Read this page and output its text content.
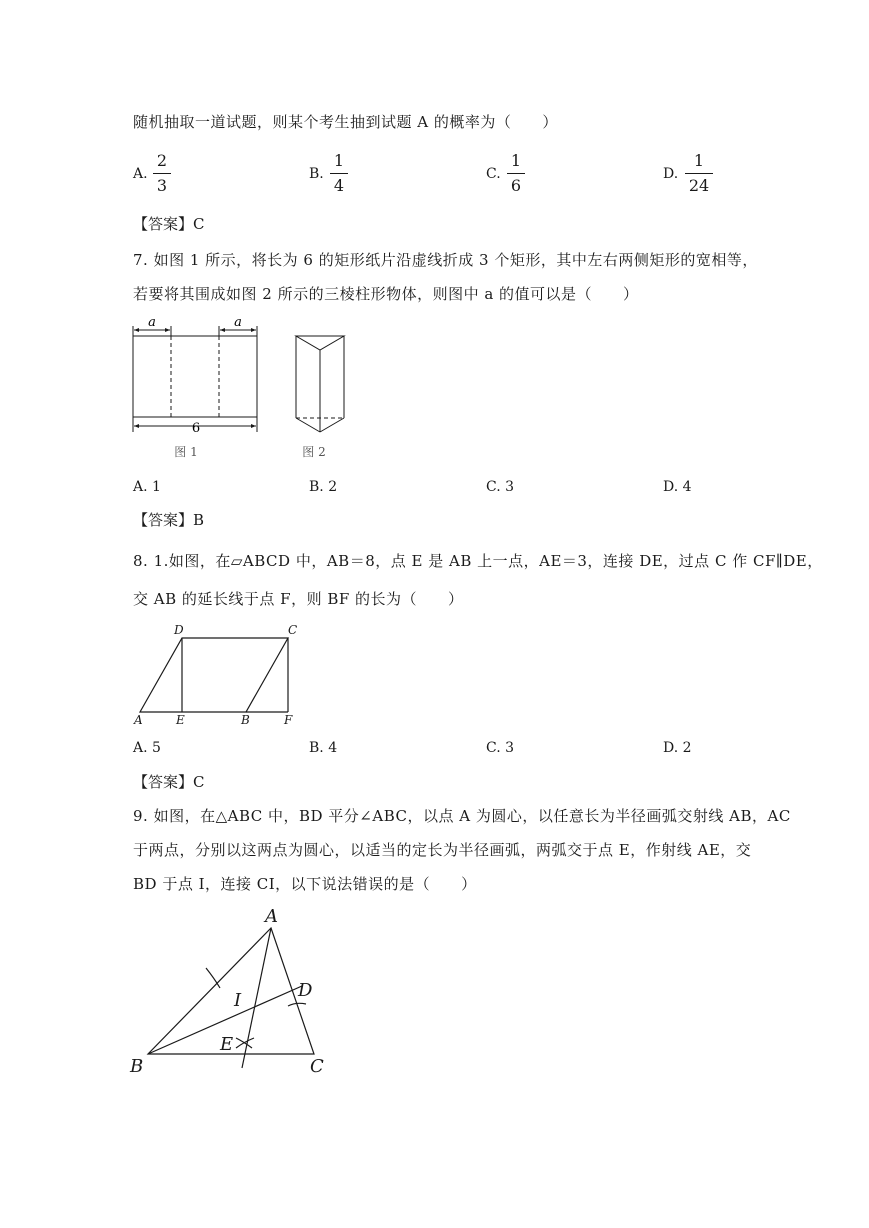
随机抽取一道试题，则某个考生抽到试题 A 的概率为（　　）
A.
2
3
B.
1
4
C.
1
6
D.
1
24
【答案】C
7. 如图 1 所示，将长为 6 的矩形纸片沿虚线折成 3 个矩形，其中左右两侧矩形的宽相等，
若要将其围成如图 2 所示的三棱柱形物体，则图中 a 的值可以是（　　）
a	a
6
图 1	图 2
A. 1	B. 2	C. 3	D. 4
【答案】B
8. 1.如图，在▱ABCD 中，AB＝8，点 E 是 AB 上一点，AE＝3，连接 DE，过点 C 作 CF∥DE，
交 AB 的延长线于点 F，则 BF 的长为（　　）
D	C
A	E	B	F
A. 5	B. 4	C. 3	D. 2
【答案】C
9. 如图，在△ABC 中，BD 平分∠ABC，以点 A 为圆心，以任意长为半径画弧交射线 AB，AC
于两点，分别以这两点为圆心，以适当的定长为半径画弧，两弧交于点 E，作射线 AE，交
BD 于点 I，连接 CI，以下说法错误的是（　　）
A
B	C
D
E
I
